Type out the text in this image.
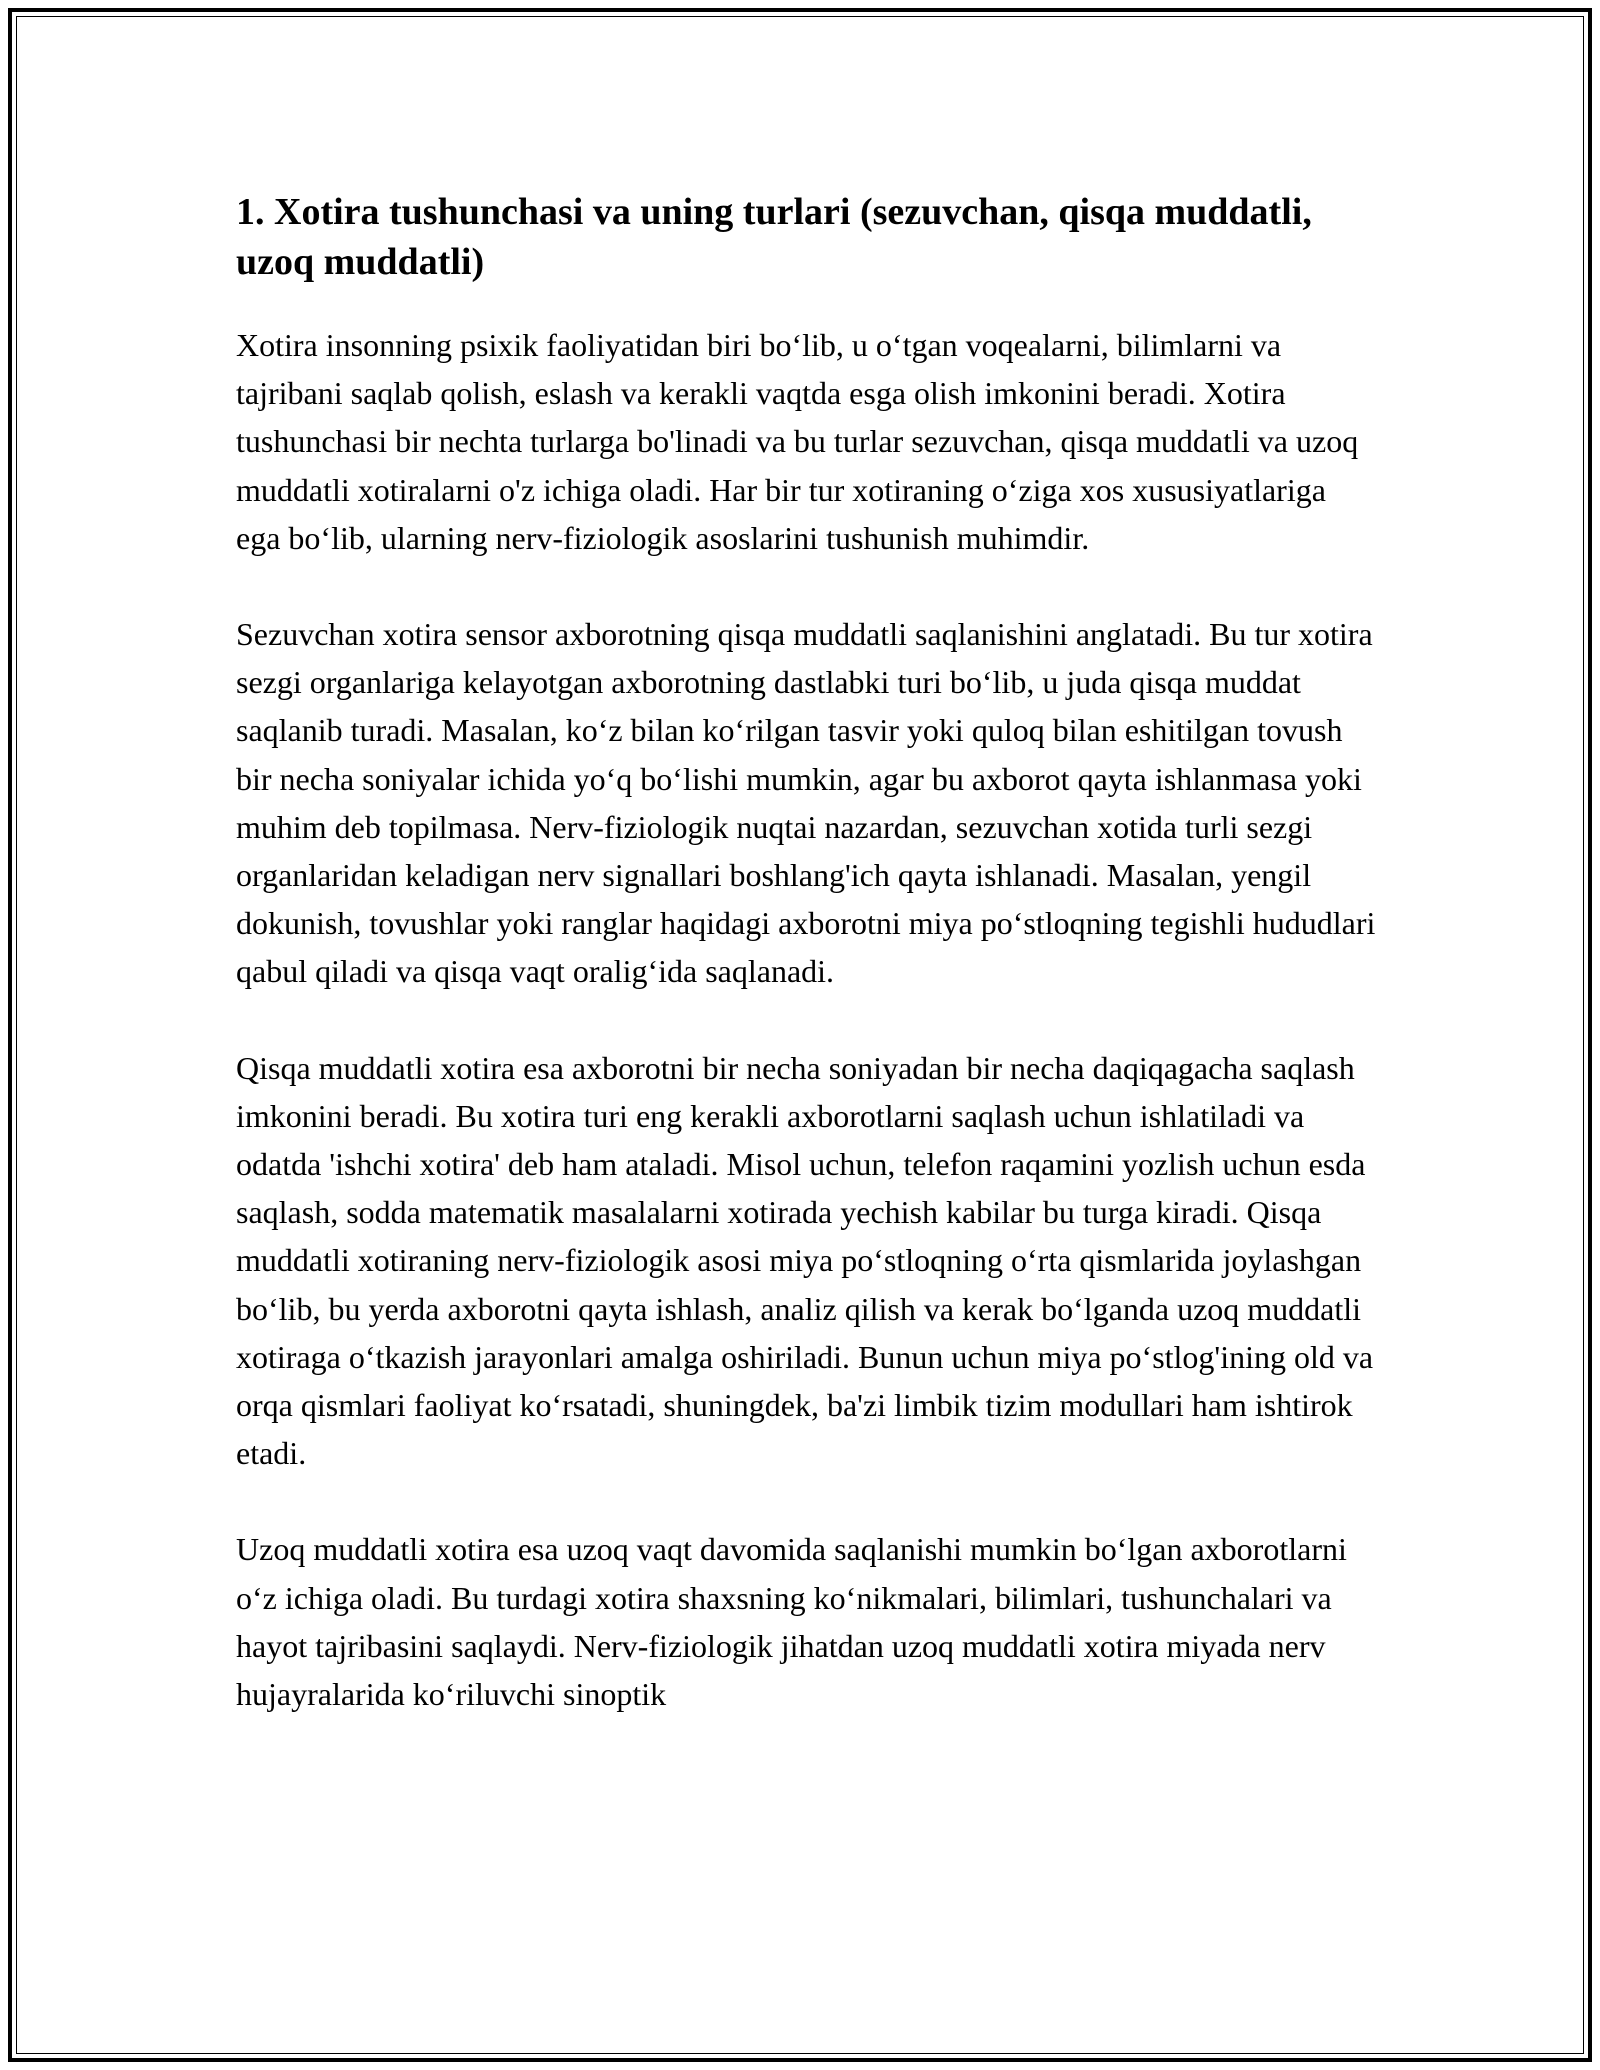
1. Xotira tushunchasi va uning turlari (sezuvchan, qisqa muddatli, uzoq muddatli)

Xotira insonning psixik faoliyatidan biri bo‘lib, u o‘tgan voqealarni, bilimlarni va tajribani saqlab qolish, eslash va kerakli vaqtda esga olish imkonini beradi. Xotira tushunchasi bir nechta turlarga bo'linadi va bu turlar sezuvchan, qisqa muddatli va uzoq muddatli xotiralarni o'z ichiga oladi. Har bir tur xotiraning o‘ziga xos xususiyatlariga ega bo‘lib, ularning nerv-fiziologik asoslarini tushunish muhimdir.

Sezuvchan xotira sensor axborotning qisqa muddatli saqlanishini anglatadi. Bu tur xotira sezgi organlariga kelayotgan axborotning dastlabki turi bo‘lib, u juda qisqa muddat saqlanib turadi. Masalan, ko‘z bilan ko‘rilgan tasvir yoki quloq bilan eshitilgan tovush bir necha soniyalar ichida yo‘q bo‘lishi mumkin, agar bu axborot qayta ishlanmasa yoki muhim deb topilmasa. Nerv-fiziologik nuqtai nazardan, sezuvchan xotida turli sezgi organlaridan keladigan nerv signallari boshlang'ich qayta ishlanadi. Masalan, yengil dokunish, tovushlar yoki ranglar haqidagi axborotni miya po‘stloqning tegishli hududlari qabul qiladi va qisqa vaqt oralig‘ida saqlanadi.

Qisqa muddatli xotira esa axborotni bir necha soniyadan bir necha daqiqagacha saqlash imkonini beradi. Bu xotira turi eng kerakli axborotlarni saqlash uchun ishlatiladi va odatda 'ishchi xotira' deb ham ataladi. Misol uchun, telefon raqamini yozlish uchun esda saqlash, sodda matematik masalalarni xotirada yechish kabilar bu turga kiradi. Qisqa muddatli xotiraning nerv-fiziologik asosi miya po‘stloqning o‘rta qismlarida joylashgan bo‘lib, bu yerda axborotni qayta ishlash, analiz qilish va kerak bo‘lganda uzoq muddatli xotiraga o‘tkazish jarayonlari amalga oshiriladi. Bunun uchun miya po‘stlog'ining old va orqa qismlari faoliyat ko‘rsatadi, shuningdek, ba'zi limbik tizim modullari ham ishtirok etadi.

Uzoq muddatli xotira esa uzoq vaqt davomida saqlanishi mumkin bo‘lgan axborotlarni o‘z ichiga oladi. Bu turdagi xotira shaxsning ko‘nikmalari, bilimlari, tushunchalari va hayot tajribasini saqlaydi. Nerv-fiziologik jihatdan uzoq muddatli xotira miyada nerv hujayralarida ko‘riluvchi sinoptik
